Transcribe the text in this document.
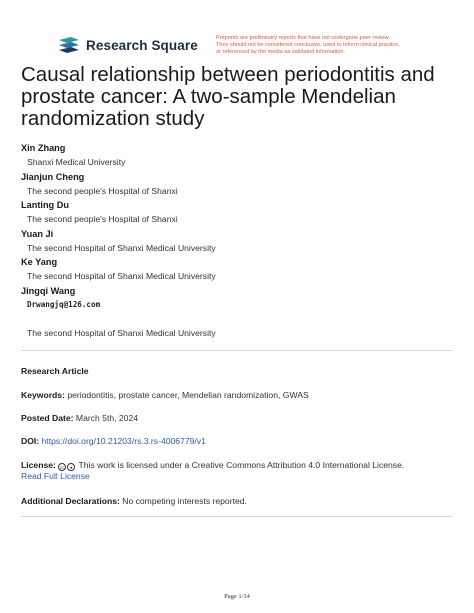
Research Square	Preprints are preliminary reports that have not undergone peer review.
They should not be considered conclusive, used to inform clinical practice,
or referenced by the media as validated information.
Causal relationship between periodontitis and prostate cancer: A two-sample Mendelian randomization study
Xin Zhang
Shanxi Medical University
Jianjun Cheng
The second people's Hospital of Shanxi
Lanting Du
The second people's Hospital of Shanxi
Yuan Ji
The second Hospital of Shanxi Medical University
Ke Yang
The second Hospital of Shanxi Medical University
Jingqi Wang
Drwangjq@126.com
The second Hospital of Shanxi Medical University
Research Article
Keywords: periodontitis, prostate cancer, Mendelian randomization, GWAS
Posted Date: March 5th, 2024
DOI: https://doi.org/10.21203/rs.3.rs-4006779/v1
License: cc ● This work is licensed under a Creative Commons Attribution 4.0 International License.
Read Full License
Additional Declarations: No competing interests reported.
Page 1/14
